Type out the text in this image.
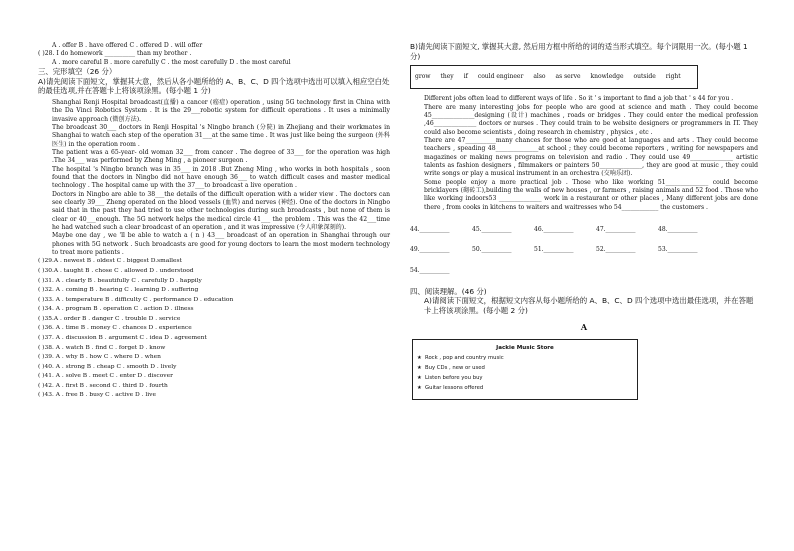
A . offer B . have offered C . offered D . will offer
( )28. I do homework __________ than my brother .
A . more careful B . more carefully C . the most carefully D . the most careful
三、完形填空（26 分）
A)请先阅读下面短文，掌握其大意，然后从各小题所给的 A、B、C、D 四个选项中选出可以填入相应空白处的最佳选项,并在答题卡上将该项涂黑。(每小题 1 分)

Shanghai Renji Hospital broadcast(直播) a cancer (癌症) operation , using 5G technology first in China with the Da Vinci Robotics System . It is the 29___robotic system for difficult operations . It uses a minimally invasive approach (微创方法).

The broadcast 30___ doctors in Renji Hospital 's Ningbo branch (分院) in Zhejiang and their workmates in Shanghai to watch each step of the operation 31___at the same time . It was just like being the surgeon (外科医生) in the operation room .

The patient was a 65-year- old woman 32___ from cancer . The degree of 33___ for the operation was high .The 34___ was performed by Zheng Ming , a pioneer surgeon .

The hospital 's Ningbo branch was in 35___ in 2018 .But Zheng Ming , who works in both hospitals , soon found that the doctors in Ningbo did not have enough 36___ to watch difficult cases and master medical technology . The hospital came up with the 37___to broadcast a live operation .

Doctors in Ningbo are able to 38___the details of the difficult operation with a wider view . The doctors can see clearly 39___ Zheng operated on the blood vessels (血管) and nerves (神经). One of the doctors in Ningbo said that in the past they had tried to use other technologies during such broadcasts , but none of them is clear or 40___enough. The 5G network helps the medical circle 41___ the problem . This was the 42___time he had watched such a clear broadcast of an operation , and it was impressive (令人印象深刻的).

Maybe one day , we 'll be able to watch a ( n ) 43___ broadcast of an operation in Shanghai through our phones with 5G network . Such broadcasts are good for young doctors to learn the most modern technology to treat more patients .

( )29.A . newest B . oldest C . biggest D.smallest
( )30.A . taught B . chose C . allowed D . understood
( )31. A . clearly B . beautifully C . carefully D . happily
( )32. A . coming B . hearing C . learning D . suffering
( )33. A . temperature B . difficulty C . performance D . education
( )34. A . program B . operation C . action D . illness
( )35.A . order B . danger C . trouble D . service
( )36. A . time B . money C . chances D . experience
( )37. A . discussion B . argument C . idea D . agreement
( )38. A . watch B . find C . forget D . know
( )39. A . why B . how C . where D . when
( )40. A . strong B . cheap C . smooth D . lively
( )41. A . solve B . meet C . enter D . discover
( )42. A . first B . second C . third D . fourth
( )43. A . free B . busy C . active D . live
B)请先阅读下面短文, 掌握其大意, 然后用方框中所给的词的适当形式填空。每个词限用一次。(每小题 1 分)
grow they if could engineer also as serve knowledge outside right

Different jobs often lead to different ways of life . So it ' s important to find a job that ' s 44 for you .

There are many interesting jobs for people who are good at science and math . They could become 45______________designing (设计) machines , roads or bridges . They could enter the medical profession ,46______________ doctors or nurses . They could train to be website designers or programmers in IT. They could also become scientists , doing research in chemistry , physics , etc .

There are 47__________many chances for those who are good at languages and arts . They could become teachers , speading 48______________at school ; they could become reporters , writing for newspapers and magazines or making news programs on television and radio . They could use 49______________ artistic talents as fashion designers , filmmakers or painters 50______________, they are good at music , they could write songs or play a musical instrument in an orchestra (交响乐团).

Some people enjoy a more practical job . Those who like working 51______________ could become bricklayers (砌砖工),building the walls of new houses , or farmers , raising animals and 52 food . Those who like working indoors53 ______________ work in a restaurant or other places , Many different jobs are done there , from cooks in kitchens to waiters and waitresses who 54____________ the customers .

44.__________	45.__________	46.__________	47.__________	48.__________
49.__________	50.__________	51.__________	52.__________	53.__________
54.__________
四、阅读理解。(46 分)
A)请阅读下面短文，根据短文内容从每小题所给的 A、B、C、D 四个选项中选出最佳选项，并在答题卡上将该项涂黑。(每小题 2 分)
A
Jackie Music Store
★ Rock , pop and country music
★ Buy CDs , new or used
★ Listen before you buy
★ Guitar lessons offered
